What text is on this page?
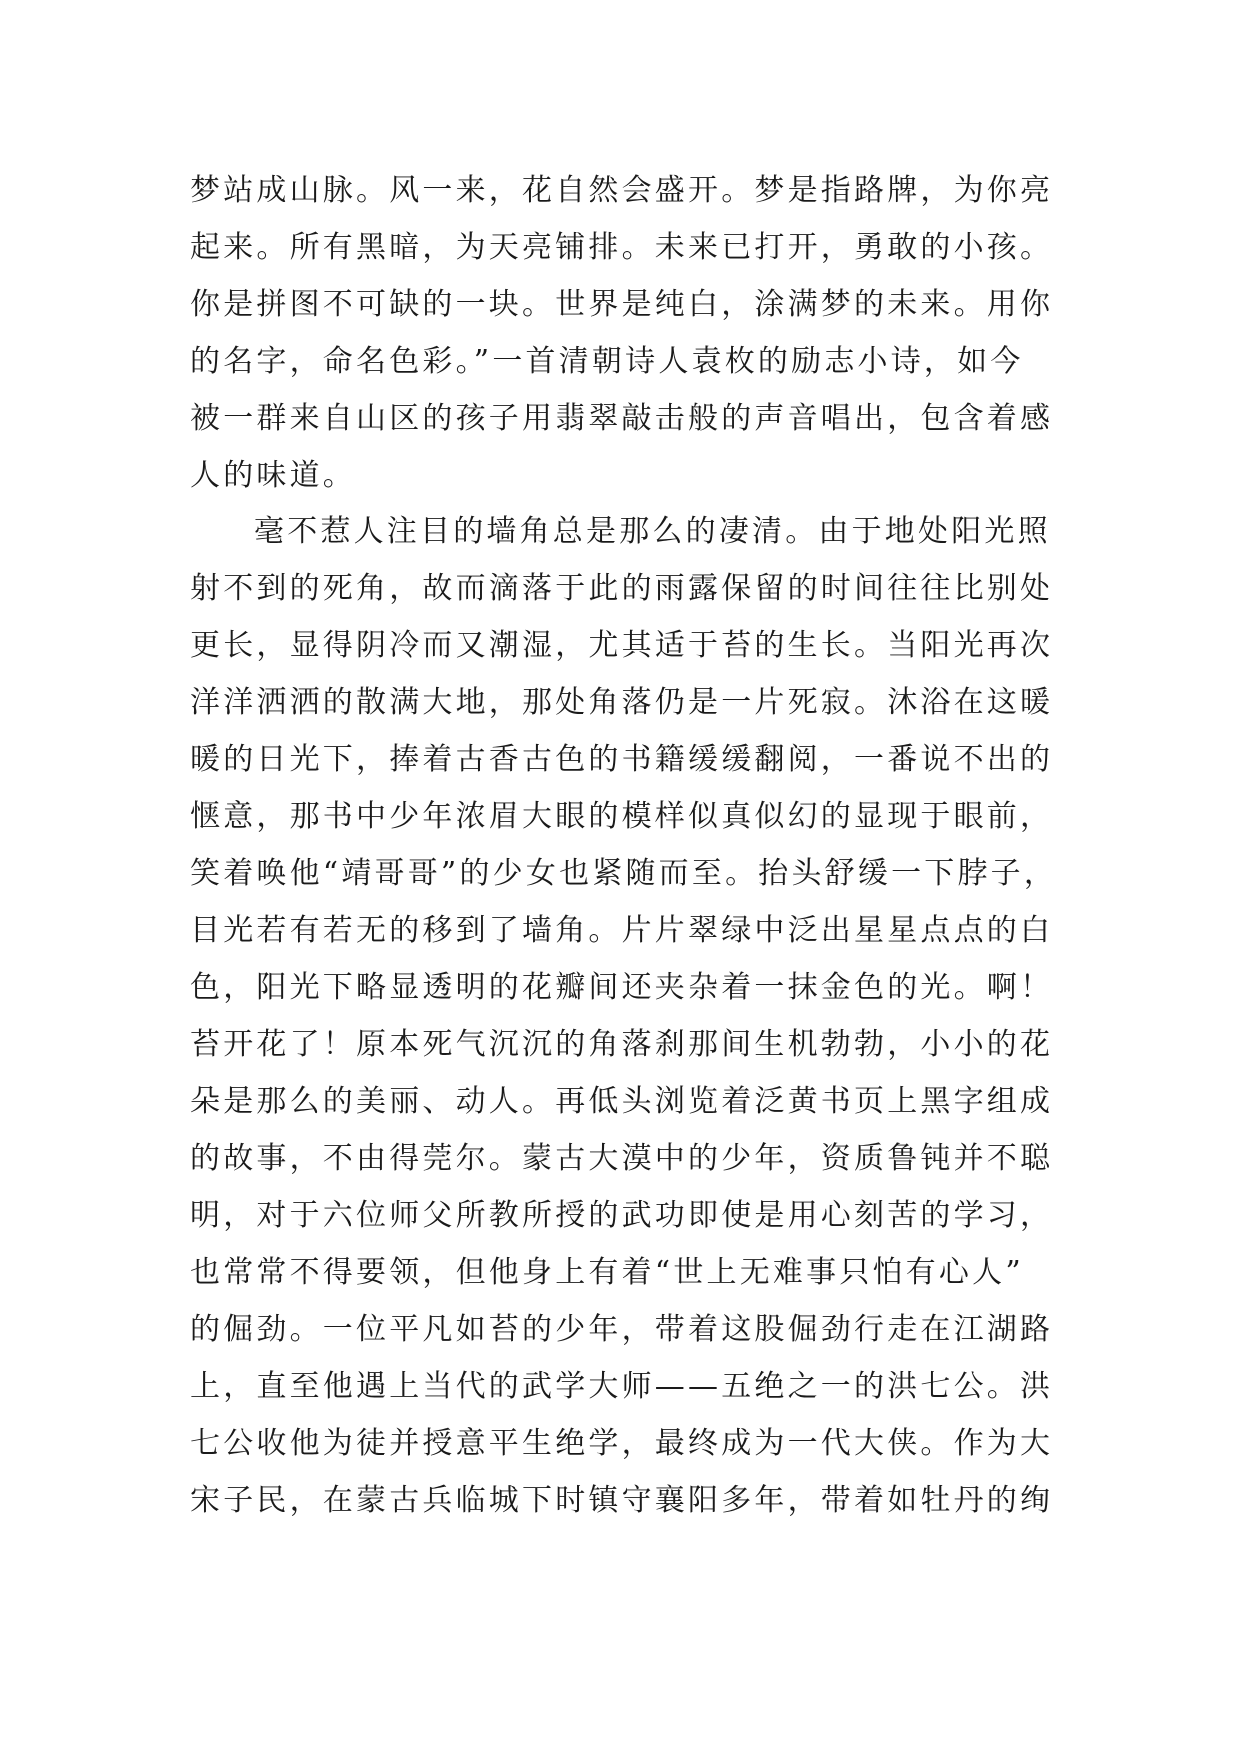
梦站成山脉。风一来，花自然会盛开。梦是指路牌，为你亮
起来。所有黑暗，为天亮铺排。未来已打开，勇敢的小孩。
你是拼图不可缺的一块。世界是纯白，涂满梦的未来。用你
的名字，命名色彩。”一首清朝诗人袁枚的励志小诗，如今
被一群来自山区的孩子用翡翠敲击般的声音唱出，包含着感
人的味道。
毫不惹人注目的墙角总是那么的凄清。由于地处阳光照
射不到的死角，故而滴落于此的雨露保留的时间往往比别处
更长，显得阴冷而又潮湿，尤其适于苔的生长。当阳光再次
洋洋洒洒的散满大地，那处角落仍是一片死寂。沐浴在这暖
暖的日光下，捧着古香古色的书籍缓缓翻阅，一番说不出的
惬意，那书中少年浓眉大眼的模样似真似幻的显现于眼前，
笑着唤他“靖哥哥”的少女也紧随而至。抬头舒缓一下脖子，
目光若有若无的移到了墙角。片片翠绿中泛出星星点点的白
色，阳光下略显透明的花瓣间还夹杂着一抹金色的光。啊！
苔开花了！原本死气沉沉的角落刹那间生机勃勃，小小的花
朵是那么的美丽、动人。再低头浏览着泛黄书页上黑字组成
的故事，不由得莞尔。蒙古大漠中的少年，资质鲁钝并不聪
明，对于六位师父所教所授的武功即使是用心刻苦的学习，
也常常不得要领，但他身上有着“世上无难事只怕有心人”
的倔劲。一位平凡如苔的少年，带着这股倔劲行走在江湖路
上，直至他遇上当代的武学大师——五绝之一的洪七公。洪
七公收他为徒并授意平生绝学，最终成为一代大侠。作为大
宋子民，在蒙古兵临城下时镇守襄阳多年，带着如牡丹的绚
